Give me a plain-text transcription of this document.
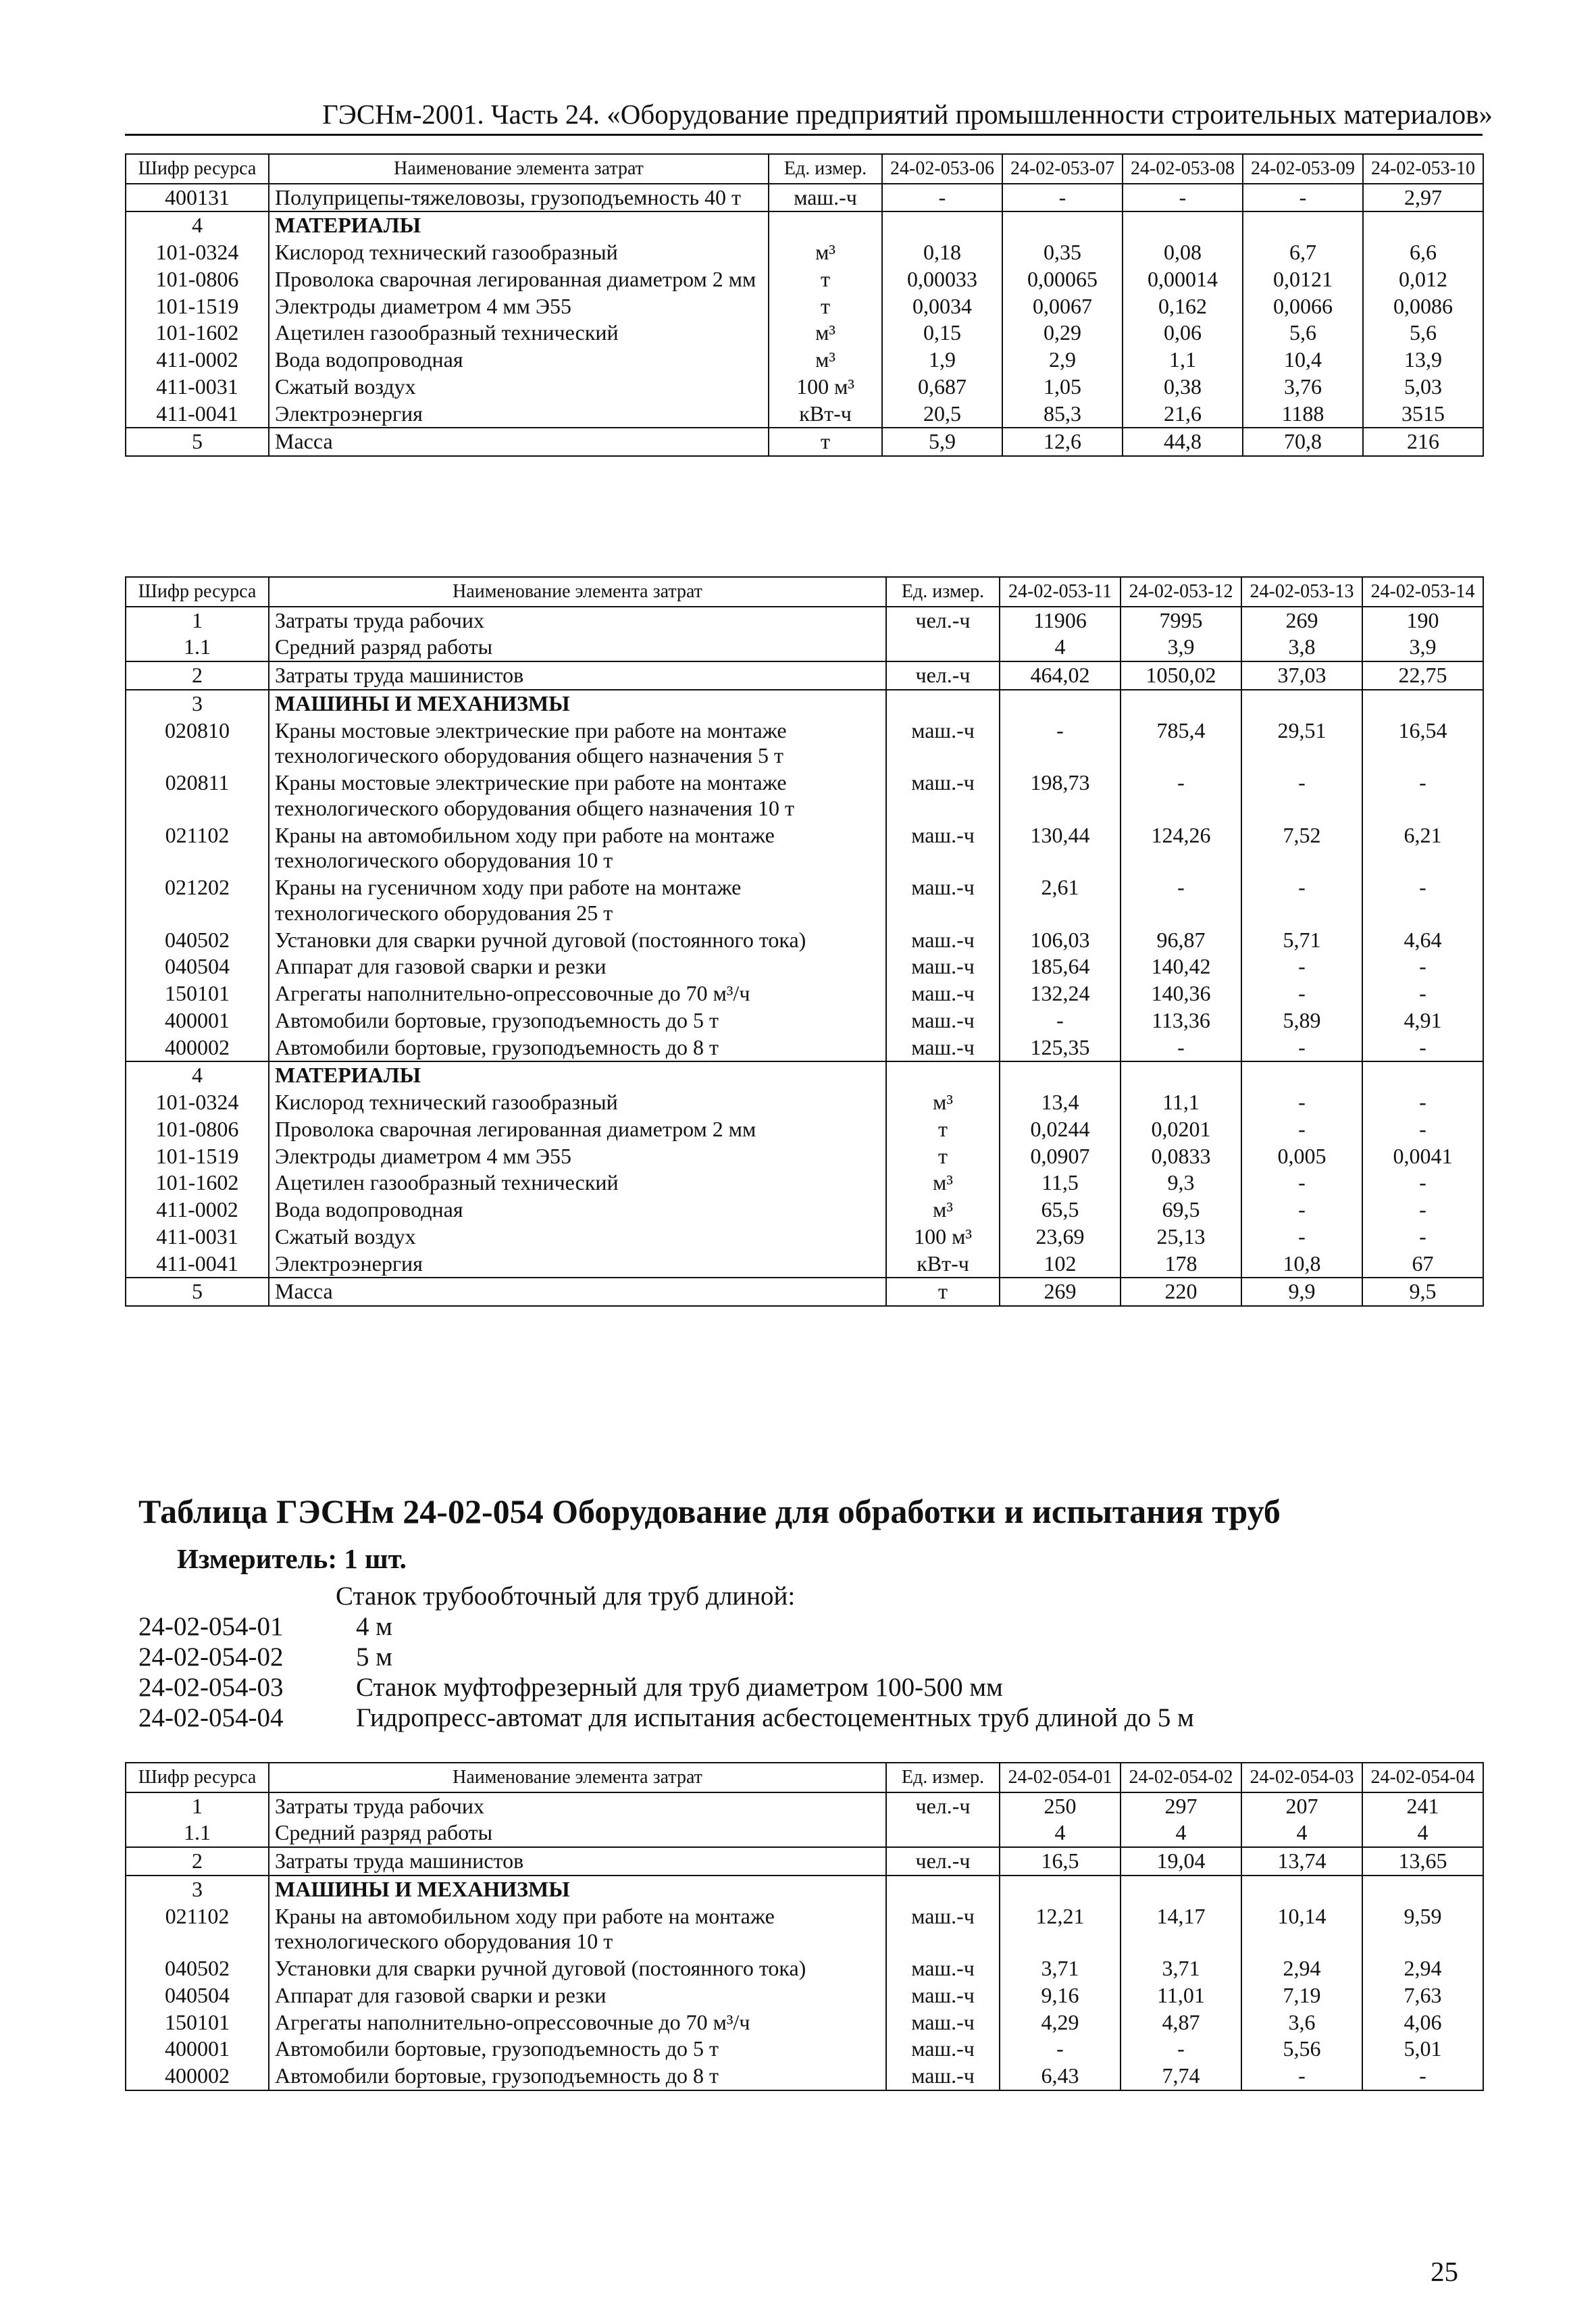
ГЭСНм-2001. Часть 24. «Оборудование предприятий промышленности строительных материалов»
Шифр ресурса	Наименование элемента затрат	Ед. измер.	24-02-053-06	24-02-053-07	24-02-053-08	24-02-053-09	24-02-053-10
400131	Полуприцепы-тяжеловозы, грузоподъемность 40 т	маш.-ч	-	-	-	-	2,97
4	МАТЕРИАЛЫ						
101-0324	Кислород технический газообразный	м³	0,18	0,35	0,08	6,7	6,6
101-0806	Проволока сварочная легированная диаметром 2 мм	т	0,00033	0,00065	0,00014	0,0121	0,012
101-1519	Электроды диаметром 4 мм Э55	т	0,0034	0,0067	0,162	0,0066	0,0086
101-1602	Ацетилен газообразный технический	м³	0,15	0,29	0,06	5,6	5,6
411-0002	Вода водопроводная	м³	1,9	2,9	1,1	10,4	13,9
411-0031	Сжатый воздух	100 м³	0,687	1,05	0,38	3,76	5,03
411-0041	Электроэнергия	кВт-ч	20,5	85,3	21,6	1188	3515
5	Масса	т	5,9	12,6	44,8	70,8	216
Шифр ресурса	Наименование элемента затрат	Ед. измер.	24-02-053-11	24-02-053-12	24-02-053-13	24-02-053-14
1	Затраты труда рабочих	чел.-ч	11906	7995	269	190
1.1	Средний разряд работы		4	3,9	3,8	3,9
2	Затраты труда машинистов	чел.-ч	464,02	1050,02	37,03	22,75
3	МАШИНЫ И МЕХАНИЗМЫ					
020810	Краны мостовые электрические при работе на монтаже технологического оборудования общего назначения 5 т	маш.-ч	-	785,4	29,51	16,54
020811	Краны мостовые электрические при работе на монтаже технологического оборудования общего назначения 10 т	маш.-ч	198,73	-	-	-
021102	Краны на автомобильном ходу при работе на монтаже технологического оборудования 10 т	маш.-ч	130,44	124,26	7,52	6,21
021202	Краны на гусеничном ходу при работе на монтаже технологического оборудования 25 т	маш.-ч	2,61	-	-	-
040502	Установки для сварки ручной дуговой (постоянного тока)	маш.-ч	106,03	96,87	5,71	4,64
040504	Аппарат для газовой сварки и резки	маш.-ч	185,64	140,42	-	-
150101	Агрегаты наполнительно-опрессовочные до 70 м³/ч	маш.-ч	132,24	140,36	-	-
400001	Автомобили бортовые, грузоподъемность до 5 т	маш.-ч	-	113,36	5,89	4,91
400002	Автомобили бортовые, грузоподъемность до 8 т	маш.-ч	125,35	-	-	-
4	МАТЕРИАЛЫ					
101-0324	Кислород технический газообразный	м³	13,4	11,1	-	-
101-0806	Проволока сварочная легированная диаметром 2 мм	т	0,0244	0,0201	-	-
101-1519	Электроды диаметром 4 мм Э55	т	0,0907	0,0833	0,005	0,0041
101-1602	Ацетилен газообразный технический	м³	11,5	9,3	-	-
411-0002	Вода водопроводная	м³	65,5	69,5	-	-
411-0031	Сжатый воздух	100 м³	23,69	25,13	-	-
411-0041	Электроэнергия	кВт-ч	102	178	10,8	67
5	Масса	т	269	220	9,9	9,5
Таблица ГЭСНм 24-02-054 Оборудование для обработки и испытания труб
Измеритель: 1 шт.
Станок трубообточный для труб длиной:
24-02-054-01	4 м
24-02-054-02	5 м
24-02-054-03	Станок муфтофрезерный для труб диаметром 100-500 мм
24-02-054-04	Гидропресс-автомат для испытания асбестоцементных труб длиной до 5 м
Шифр ресурса	Наименование элемента затрат	Ед. измер.	24-02-054-01	24-02-054-02	24-02-054-03	24-02-054-04
1	Затраты труда рабочих	чел.-ч	250	297	207	241
1.1	Средний разряд работы		4	4	4	4
2	Затраты труда машинистов	чел.-ч	16,5	19,04	13,74	13,65
3	МАШИНЫ И МЕХАНИЗМЫ					
021102	Краны на автомобильном ходу при работе на монтаже технологического оборудования 10 т	маш.-ч	12,21	14,17	10,14	9,59
040502	Установки для сварки ручной дуговой (постоянного тока)	маш.-ч	3,71	3,71	2,94	2,94
040504	Аппарат для газовой сварки и резки	маш.-ч	9,16	11,01	7,19	7,63
150101	Агрегаты наполнительно-опрессовочные до 70 м³/ч	маш.-ч	4,29	4,87	3,6	4,06
400001	Автомобили бортовые, грузоподъемность до 5 т	маш.-ч	-	-	5,56	5,01
400002	Автомобили бортовые, грузоподъемность до 8 т	маш.-ч	6,43	7,74	-	-
25
